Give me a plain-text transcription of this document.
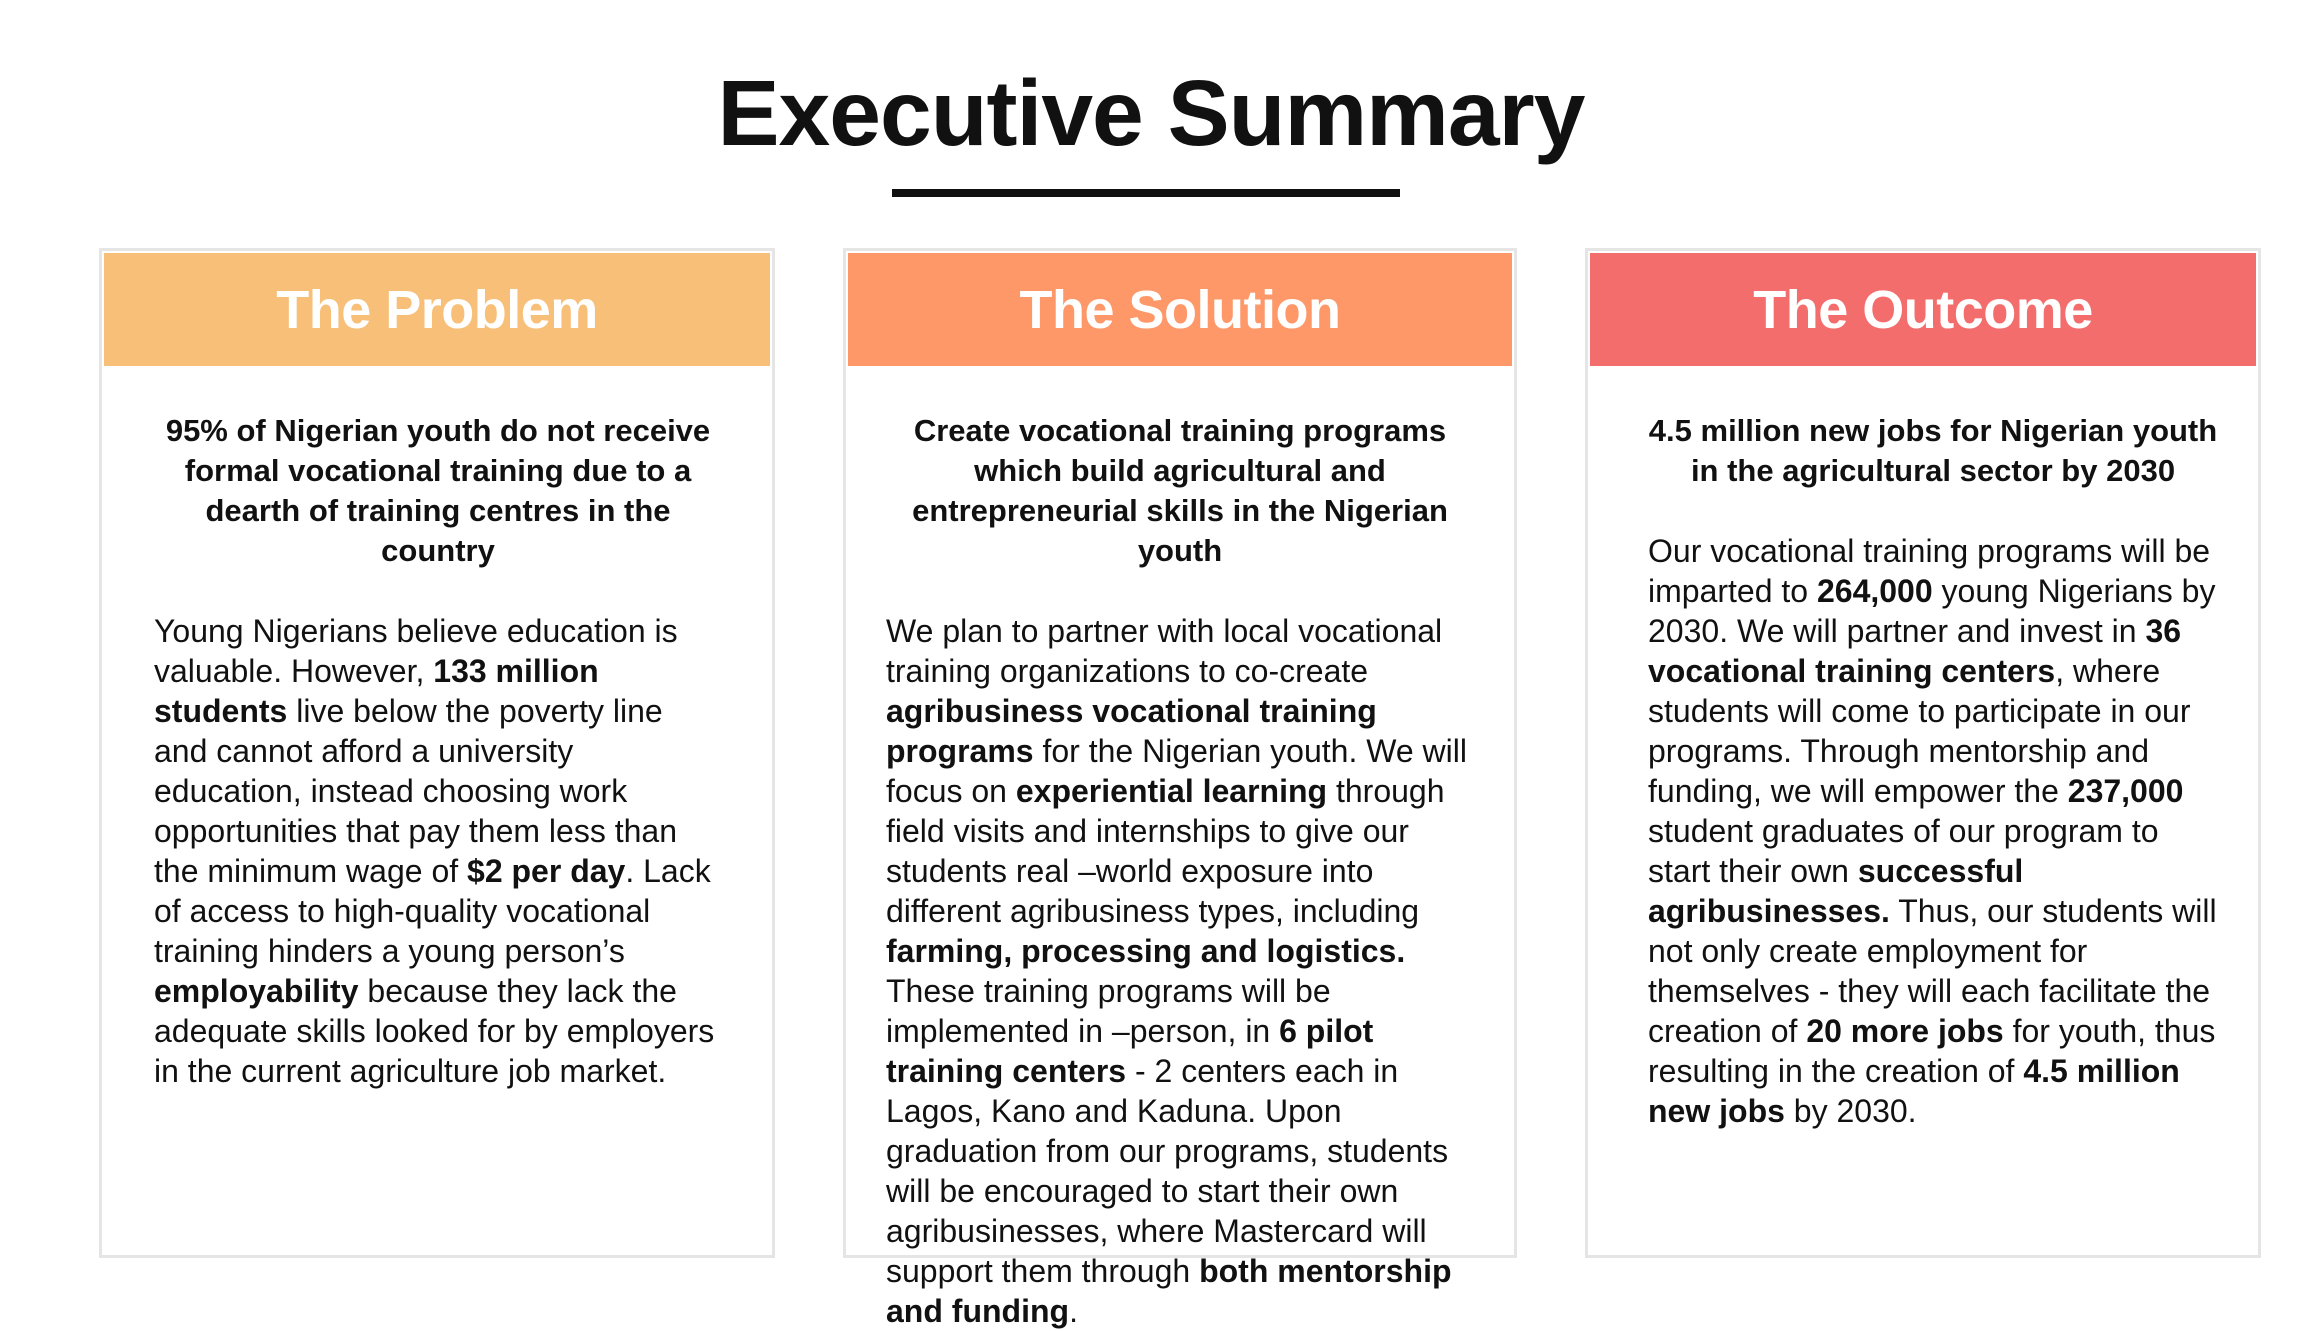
Executive Summary
The Problem

95% of Nigerian youth do not receive formal vocational training due to a dearth of training centres in the country

Young Nigerians believe education is valuable. However, 133 million students live below the poverty line and cannot afford a university education, instead choosing work opportunities that pay them less than the minimum wage of $2 per day. Lack of access to high-quality vocational training hinders a young person’s employability because they lack the adequate skills looked for by employers in the current agriculture job market.

The Solution

Create vocational training programs which build agricultural and entrepreneurial skills in the Nigerian youth

We plan to partner with local vocational training organizations to co-create agribusiness vocational training programs for the Nigerian youth. We will focus on experiential learning through field visits and internships to give our students real –world exposure into different agribusiness types, including farming, processing and logistics. These training programs will be implemented in –person, in 6 pilot training centers - 2 centers each in Lagos, Kano and Kaduna. Upon graduation from our programs, students will be encouraged to start their own agribusinesses, where Mastercard will support them through both mentorship and funding.

The Outcome

4.5 million new jobs for Nigerian youth in the agricultural sector by 2030

Our vocational training programs will be imparted to 264,000 young Nigerians by 2030. We will partner and invest in 36 vocational training centers, where students will come to participate in our programs. Through mentorship and funding, we will empower the 237,000 student graduates of our program to start their own successful agribusinesses. Thus, our students will not only create employment for themselves - they will each facilitate the creation of 20 more jobs for youth, thus resulting in the creation of 4.5 million new jobs by 2030.
